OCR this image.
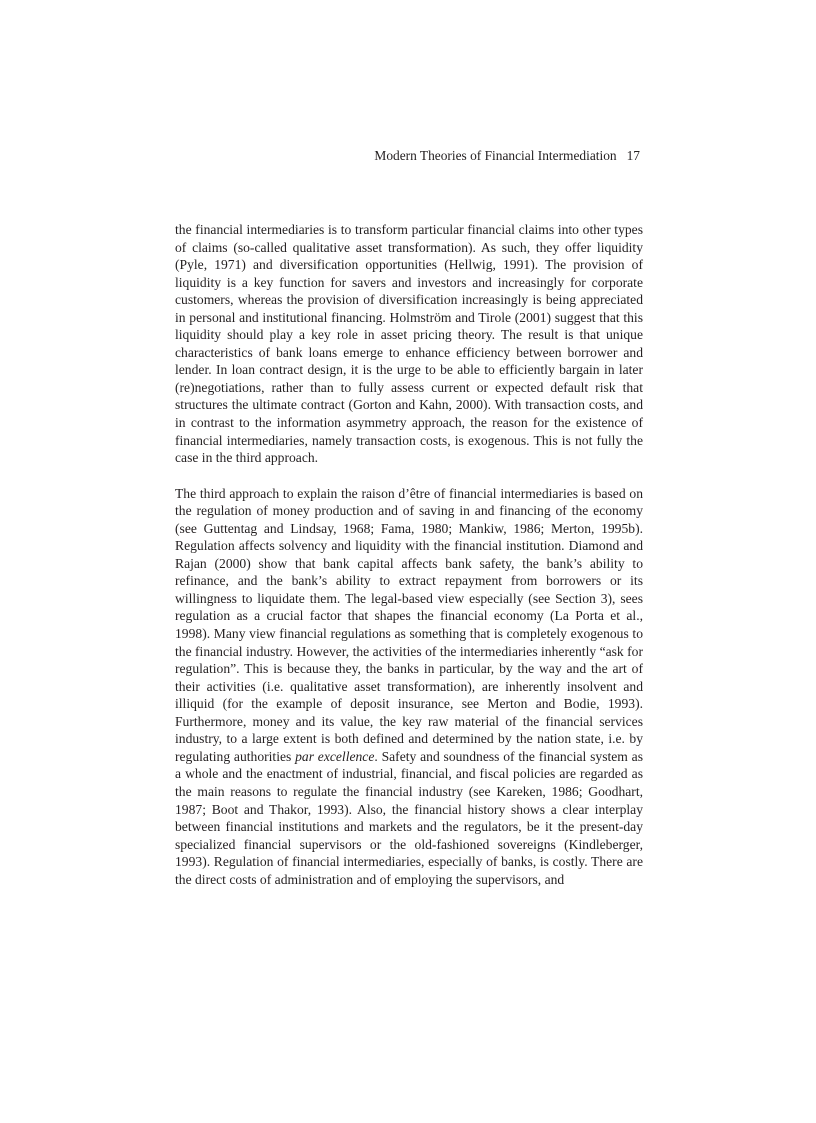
Modern Theories of Financial Intermediation 17

the financial intermediaries is to transform particular financial claims into other types of claims (so-called qualitative asset transformation). As such, they offer liquidity (Pyle, 1971) and diversification opportunities (Hellwig, 1991). The provision of liquidity is a key function for savers and investors and increasingly for corporate customers, whereas the provision of diversification increasingly is being appreciated in personal and institutional financing. Holmström and Tirole (2001) suggest that this liquidity should play a key role in asset pricing theory. The result is that unique characteristics of bank loans emerge to enhance efficiency between borrower and lender. In loan contract design, it is the urge to be able to efficiently bargain in later (re)negotiations, rather than to fully assess current or expected default risk that structures the ultimate contract (Gorton and Kahn, 2000). With transaction costs, and in contrast to the information asymmetry approach, the reason for the existence of financial intermediaries, namely transaction costs, is exogenous. This is not fully the case in the third approach.

The third approach to explain the raison d’être of financial intermediaries is based on the regulation of money production and of saving in and financing of the economy (see Guttentag and Lindsay, 1968; Fama, 1980; Mankiw, 1986; Merton, 1995b). Regulation affects solvency and liquidity with the financial institution. Diamond and Rajan (2000) show that bank capital affects bank safety, the bank’s ability to refinance, and the bank’s ability to extract repayment from borrowers or its willingness to liquidate them. The legal-based view especially (see Section 3), sees regulation as a crucial factor that shapes the financial economy (La Porta et al., 1998). Many view financial regulations as something that is completely exogenous to the financial industry. However, the activities of the intermediaries inherently “ask for regulation”. This is because they, the banks in particular, by the way and the art of their activities (i.e. qualitative asset transformation), are inherently insolvent and illiquid (for the example of deposit insurance, see Merton and Bodie, 1993). Furthermore, money and its value, the key raw material of the financial services industry, to a large extent is both defined and determined by the nation state, i.e. by regulating authorities par excellence. Safety and soundness of the financial system as a whole and the enactment of industrial, financial, and fiscal policies are regarded as the main reasons to regulate the financial industry (see Kareken, 1986; Goodhart, 1987; Boot and Thakor, 1993). Also, the financial history shows a clear interplay between financial institutions and markets and the regulators, be it the present-day specialized financial supervisors or the old-fashioned sovereigns (Kindleberger, 1993). Regulation of financial intermediaries, especially of banks, is costly. There are the direct costs of administration and of employing the supervisors, and
